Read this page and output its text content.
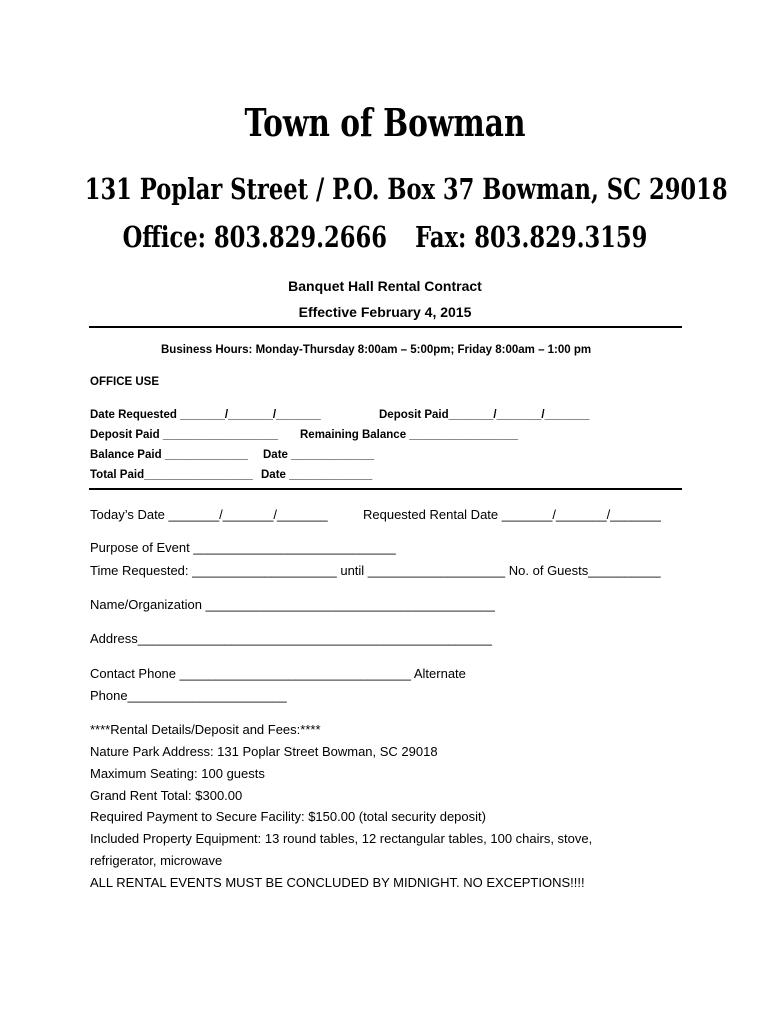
Town of Bowman
131 Poplar Street / P.O. Box 37 Bowman, SC 29018
Office: 803.829.2666 Fax: 803.829.3159
Banquet Hall Rental Contract
Effective February 4, 2015
Business Hours: Monday-Thursday 8:00am – 5:00pm; Friday 8:00am – 1:00 pm
OFFICE USE
Date Requested _______/_______/_______	Deposit Paid_______/_______/_______
Deposit Paid __________________ Remaining Balance _________________
Balance Paid _____________ Date _____________
Total Paid_________________ Date _____________
Today’s Date _______/_______/_______	Requested Rental Date _______/_______/_______
Purpose of Event ____________________________
Time Requested: ____________________ until ___________________ No. of Guests__________
Name/Organization ________________________________________
Address_________________________________________________
Contact Phone ________________________________ Alternate
Phone______________________
****Rental Details/Deposit and Fees:****
Nature Park Address: 131 Poplar Street Bowman, SC 29018
Maximum Seating: 100 guests
Grand Rent Total: $300.00
Required Payment to Secure Facility: $150.00 (total security deposit)
Included Property Equipment: 13 round tables, 12 rectangular tables, 100 chairs, stove,
refrigerator, microwave
ALL RENTAL EVENTS MUST BE CONCLUDED BY MIDNIGHT. NO EXCEPTIONS!!!!
